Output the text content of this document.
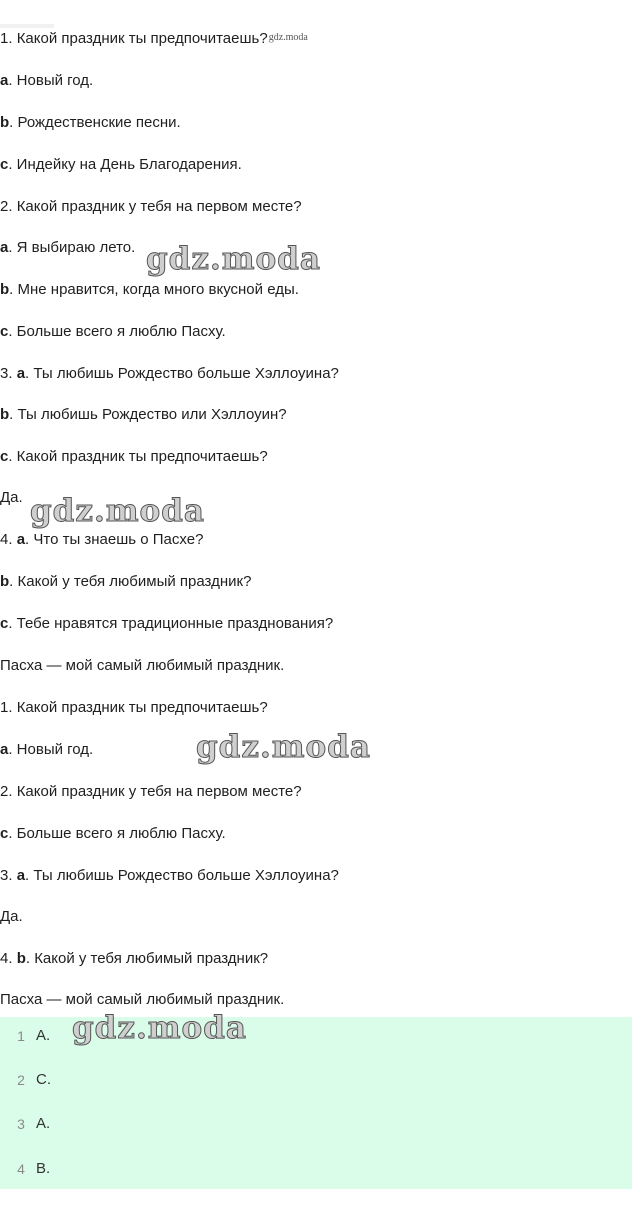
1. Какой праздник ты предпочитаешь?$^{gdz.moda}$
a. Новый год.
b. Рождественские песни.
c. Индейку на День Благодарения.
2. Какой праздник у тебя на первом месте?
a. Я выбираю лето.
b. Мне нравится, когда много вкусной еды.
c. Больше всего я люблю Пасху.
3. a. Ты любишь Рождество больше Хэллоуина?
b. Ты любишь Рождество или Хэллоуин?
c. Какой праздник ты предпочитаешь?
Да.
4. a. Что ты знаешь о Пасхе?
b. Какой у тебя любимый праздник?
c. Тебе нравятся традиционные празднования?
Пасха — мой самый любимый праздник.
1. Какой праздник ты предпочитаешь?
a. Новый год.
2. Какой праздник у тебя на первом месте?
c. Больше всего я люблю Пасху.
3. a. Ты любишь Рождество больше Хэллоуина?
Да.
4. b. Какой у тебя любимый праздник?
Пасха — мой самый любимый праздник.
1 A.
2 C.
3 A.
4 B.
gdz.moda
gdz.moda
gdz.moda
gdz.moda
